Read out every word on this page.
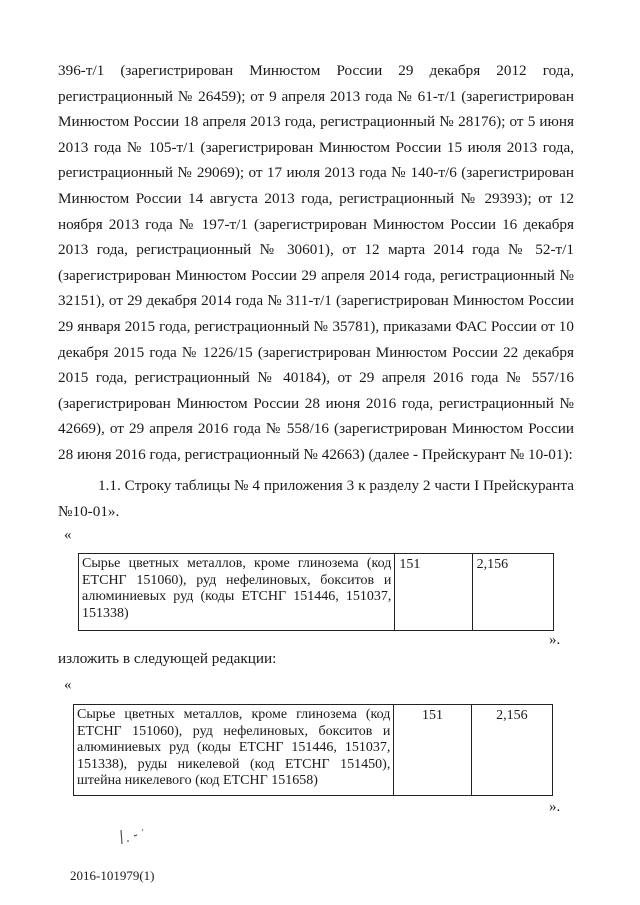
396-т/1 (зарегистрирован Минюстом России 29 декабря 2012 года, регистрационный № 26459); от 9 апреля 2013 года № 61-т/1 (зарегистрирован Минюстом России 18 апреля 2013 года, регистрационный № 28176); от 5 июня 2013 года № 105-т/1 (зарегистрирован Минюстом России 15 июля 2013 года, регистрационный № 29069); от 17 июля 2013 года № 140-т/6 (зарегистрирован Минюстом России 14 августа 2013 года, регистрационный № 29393); от 12 ноября 2013 года № 197-т/1 (зарегистрирован Минюстом России 16 декабря 2013 года, регистрационный № 30601), от 12 марта 2014 года № 52-т/1 (зарегистрирован Минюстом России 29 апреля 2014 года, регистрационный № 32151), от 29 декабря 2014 года № 311-т/1 (зарегистрирован Минюстом России 29 января 2015 года, регистрационный № 35781), приказами ФАС России от 10 декабря 2015 года № 1226/15 (зарегистрирован Минюстом России 22 декабря 2015 года, регистрационный № 40184), от 29 апреля 2016 года № 557/16 (зарегистрирован Минюстом России 28 июня 2016 года, регистрационный № 42669), от 29 апреля 2016 года № 558/16 (зарегистрирован Минюстом России 28 июня 2016 года, регистрационный № 42663) (далее - Прейскурант № 10-01):

1.1. Строку таблицы № 4 приложения 3 к разделу 2 части I Прейскуранта №10-01».

«
Сырье цветных металлов, кроме глинозема (код ЕТСНГ 151060), руд нефелиновых, бокситов и алюминиевых руд (коды ЕТСНГ 151446, 151037, 151338)	151	2,156
».
изложить в следующей редакции:
«
Сырье цветных металлов, кроме глинозема (код ЕТСНГ 151060), руд нефелиновых, бокситов и алюминиевых руд (коды ЕТСНГ 151446, 151037, 151338), руды никелевой (код ЕТСНГ 151450), штейна никелевого (код ЕТСНГ 151658)	151	2,156
».
2016-101979(1)
